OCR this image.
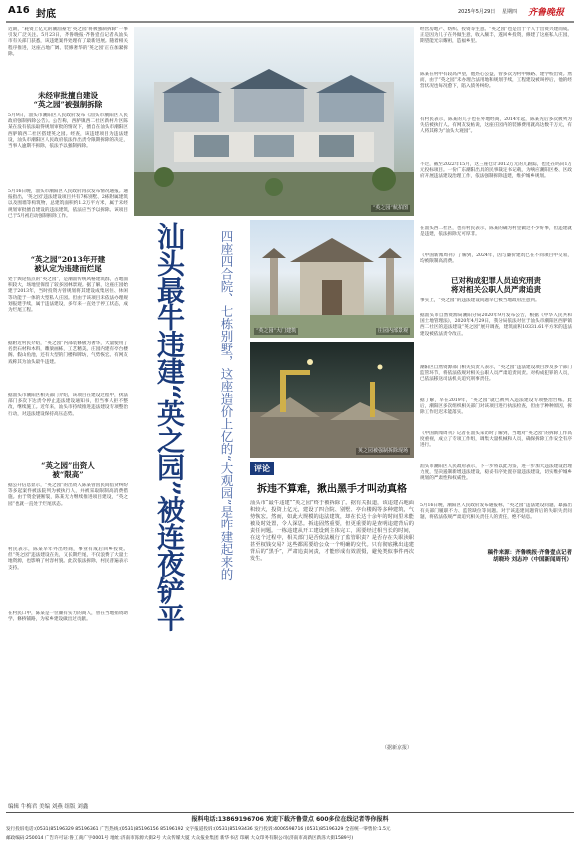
A16 封底	2025年5月29日 星期四 齐鲁晚报
近期，“耗资上亿元的潮汕豪宅‘英之园’将被强制拆除”一事引发广泛关注。5月23日，齐鲁晚报·齐鲁壹点记者从汕头市有关部门获悉，该违建案件处理有了最新进展。随着相关程序推进，这座占地广阔、装修奢华的‘英之园’正在加紧拆除。
未经审批擅自建设
“英之园”被强制拆除
5月9日，汕头市潮阳区人民政府发布《汕头市潮阳区人民政府强制拆除公告》。公告称，西胪镇西二社区新村片区陈某在没有依法取得规划审批的情况下，擅自在汕头市潮阳区西胪镇西二社区搭建英之园。经查，该违建项目为违法建设，汕头市潮阳区人民政府依法作出责令限期拆除的决定，当事人逾期不拆除，依法予以强制拆除。
5月16日晚，汕头市潮阳区人民政府再次发布情况通报。通报指出，‘英之园’违法建设项目共有7栋别墅、2栋附属建筑以及围墙等构筑物，总建筑面积约1.2万平方米，属于未经规划审批擅自建设的违法建筑，依法应当予以拆除。该项目已于5月初启动强制拆除工作。
“英之园”2013年开建
被认定为违建而烂尾
处于舆论焦点的“英之园”，是潮汕传统风格建筑群，占地面积较大，场地里保留了较多园林景观。据了解，这座庄园始建于2013年，当时投资方曾规划将其建设成集居住、休闲等功能于一体的大型私人庄园。但由于该项目未依法办理规划报建手续，属于违法建设，多年来一直处于停工状态，成为烂尾工程。
据附近村民介绍，“英之园”内部装修极为奢华，大量使用了名贵石材和木料，雕梁画栋，工艺精美。庄园内建有亭台楼阁、假山鱼池，还有大型的门楼和牌坊，气势恢宏。有网友戏称其为汕头最牛违建。
据汕头市潮阳区相关部门介绍，该项目在建设过程中，执法部门多次下达责令停止违法建设通知书，但当事人拒不整改，继续施工。近年来，汕头市持续推进违法建设专项整治行动，对违法建设保持高压态势。
“英之园”出资人
被“限高”
据公开信息显示，“英之园”的出资人陈某曾因民间借贷纠纷等多起案件被法院列为被执行人，并被采取限制高消费措施。由于资金链断裂，陈某无力继续推进项目建设，“英之园”也就一直处于烂尾状态。
村民表示，陈某早年外出经商，事业有成后回乡投资。但“英之园”违法建设在先，又长期烂尾，不仅浪费了大量土地资源，也影响了村容村貌。此次依法拆除，村民普遍表示支持。
在村民口中，陈某是一位颇有实力的商人，曾在当地捐资助学、修桥铺路，为家乡建设做出过贡献。
“英之园”航拍图
汕头最牛违建“英之园”被连夜铲平	四座四合院、七栋别墅，这座造价上亿的“大观园”是咋建起来的	“英之园”大门建筑	庄园内部景观
英之园被强制拆除现场
评论
拆违不算难，揪出黑手才叫动真格
汕头市“最牛违建”“英之园”终于被拆除了。据有关报道，该违建占地面积较大，投资上亿元，建设了四合院、别墅、亭台楼阁等多种建筑，气势恢宏。然而，如此大规模的违法建筑，却在长达十余年的时间里未能被及时处置，令人深思。拆违固然重要，但更重要的是查明违建背后的责任问题。一栋违建从开工建设到主体完工，需要经过相当长的时间，在这个过程中，相关部门是否依法履行了监管职责？是否存在失职渎职甚至权钱交易？这些都需要给公众一个明确的交代。只有彻底揪出违建背后的“黑手”，严肃追责问责，才能形成有效震慑，避免类似事件再次发生。
（据新京报）
经营房地产、纺织、投资等生意。“英之园”也是出于个人于出资兴建而成。正是因为儿子在外做生意，收入颇丰，遂回乡投资，修建了这座私人庄园，期望能光宗耀祖，造福乡里。
陈某在村中有较高声望，他热心公益，曾多次为村中修路、建学校出资。然而，由于“英之园”未办理合法用地和规划手续，工程建设被叫停后，他的经营状况也每况愈下，陷入债务纠纷。
有村民表示，陈某的儿子也在外地经商，2014年起，陈某先后多次被列为失信被执行人。有网友发帖说，这座庄园内的装修费用就高达数千万元，有人将其称为“汕头大观园”。
不过，截至2022年15月，这三座仓计3012万元的儿跟踪，也还在吗向1万元投标项目。一份广东潮阳出具的民事裁定书记载，为响应潮阳区委、区政府开展违法建设治理工作，依法强制拆除违建，维护城乡规划。
在汕头西二社区，也有村民表示，陈某的确为村里做过不少好事，但违建就是违建，依法拆除无可厚非。
《中国新闻周刊》了解到，2024年，因与廉价建筑已在不同项目中交易，均被限制高消费。
已对构成犯罪人员追究刑责
将对相关公职人员严肃追责
事实上，“英之园”的违法建设问题早已被当地政府注意到。
据汕头市自然资源局潮阳分局2020年9月发布公告，根据《中华人民共和国土地管理法》，2020年4月29日，我分局依法对位于汕头市潮阳区西胪镇西二社区的违法建设“英之园”展开调查，建筑面积10331.61平方米的违法建设被依法责令改正。
潮阳区自然资源部门相关负责人表示，“英之园”违法建设项目涉及多个部门监管环节，将依法依规对相关公职人员严肃追责问责。对构成犯罪的人员，已依法移送司法机关追究刑事责任。
据了解，早在2019年，“英之园”就已被列入违法建设专项整治台账。此后，潮阳区多次组织相关部门对该项目进行执法检查，但由于种种原因，拆除工作迟迟未能落实。
《中国新闻周刊》记者在汕头采访时了解到，当地对“英之园”的拆除工作高度重视，成立了专项工作组，调集大量机械和人员，确保拆除工作安全有序进行。
汕头市潮阳区人民政府表示，下一步将以此为鉴，进一步加大违法建设治理力度，坚决遏制新增违法建设，稳妥有序处置存量违法建设，切实维护城乡规划的严肃性和权威性。
5月16日晚，潮阳区人民政府发布通报称，“英之园”违法建设问题，暴露出有关部门履职不力、监管缺位等问题。对于该违建问题背后的失职失责问题，将依法依规严肃追究相关责任人的责任，绝不姑息。
稿件来源：齐鲁晚报·齐鲁壹点记者
胡晓玲 刘志冲（中国新闻周刊）
编辑 牛梅君 美编 刘燕 组版 刘鑫
报料电话:13869196706 欢迎下载齐鲁壹点 600多位在线记者等你报料
发行投诉电话:(0531)85196329 85196361 广告热线:(0531)85196156 85196192 文字报道投诉:(0531)85193436 发行投诉:4006598716 (0531)85196329 全省统一零售价:1.5元
邮政编码:250014 广告许可证:鲁工商广字0001号 地址:济南市泺源大街2号 大众传媒大厦 大众报业集团 新华书店 印刷 大众印务有限公司(济南市高新区新泺大街1589号)
